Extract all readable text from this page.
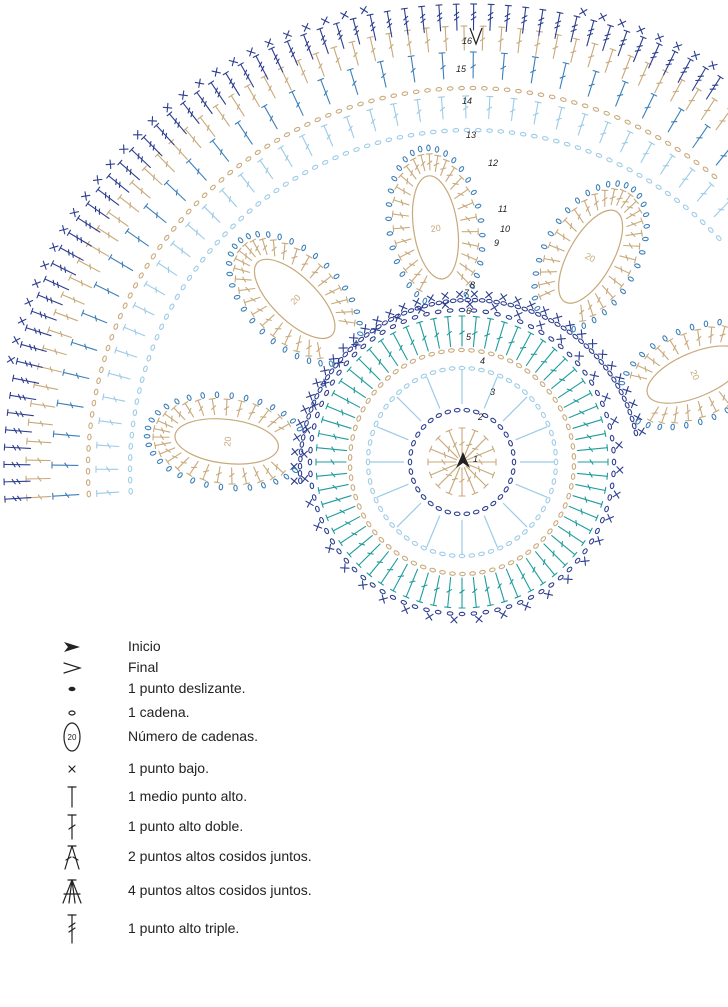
20
20
20
20
20
1
2
3
4
5
6
7
8
9
10
11
12
13
14
15
16
Inicio
Final
1 punto deslizante.
1 cadena.
20	Número de cadenas.
1 punto bajo.
1 medio punto alto.
1 punto alto doble.
2 puntos altos cosidos juntos.
4 puntos altos cosidos juntos.
1 punto alto triple.
